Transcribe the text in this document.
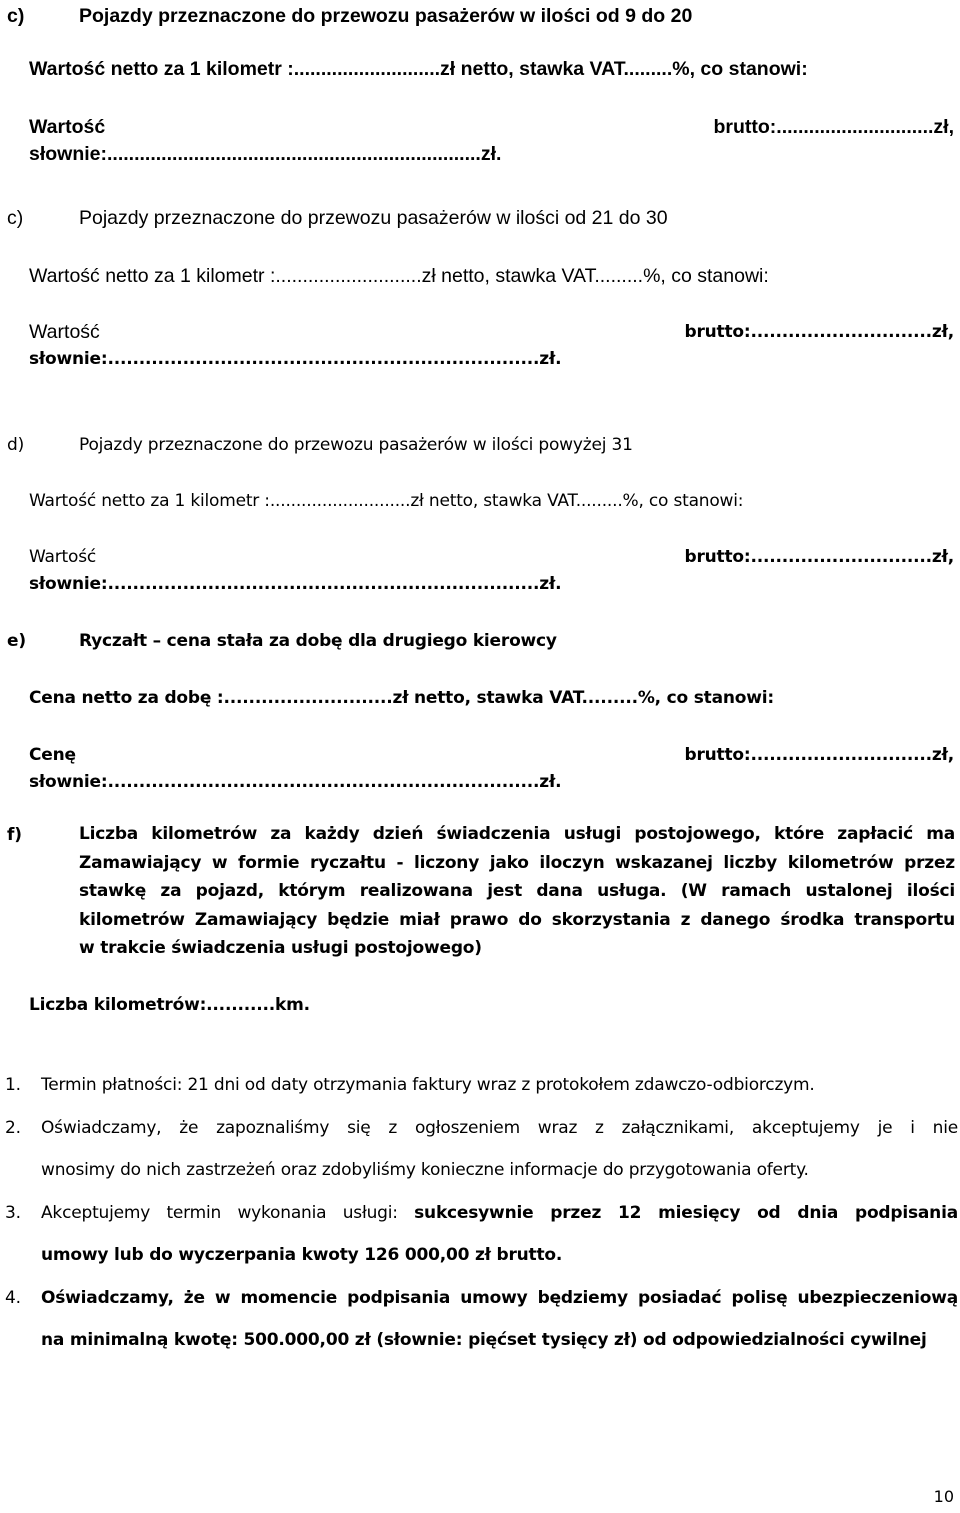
c)	Pojazdy przeznaczone do przewozu pasażerów w ilości od 9 do 20
Wartość netto za 1 kilometr :...........................zł netto, stawka VAT.........%, co stanowi:
Wartość	brutto:.............................zł,
słownie:.....................................................................zł.
c)	Pojazdy przeznaczone do przewozu pasażerów w ilości od 21 do 30
Wartość netto za 1 kilometr :...........................zł netto, stawka VAT.........%, co stanowi:
Wartość	brutto:.............................zł,
słownie:.....................................................................zł.
d)	Pojazdy przeznaczone do przewozu pasażerów w ilości powyżej 31
Wartość netto za 1 kilometr :...........................zł netto, stawka VAT.........%, co stanowi:
Wartość	brutto:.............................zł,
słownie:.....................................................................zł.
e)	Ryczałt – cena stała za dobę dla drugiego kierowcy
Cena netto za dobę :...........................zł netto, stawka VAT.........%, co stanowi:
Cenę	brutto:.............................zł,
słownie:.....................................................................zł.
f)	Liczba kilometrów za każdy dzień świadczenia usługi postojowego, które zapłacić ma
Zamawiający w formie ryczałtu - liczony jako iloczyn wskazanej liczby kilometrów przez
stawkę za pojazd, którym realizowana jest dana usługa. (W ramach ustalonej ilości
kilometrów Zamawiający będzie miał prawo do skorzystania z danego środka transportu
w trakcie świadczenia usługi postojowego)
Liczba kilometrów:...........km.
1. Termin płatności: 21 dni od daty otrzymania faktury wraz z protokołem zdawczo-odbiorczym.
2. Oświadczamy, że zapoznaliśmy się z ogłoszeniem wraz z załącznikami, akceptujemy je i nie
wnosimy do nich zastrzeżeń oraz zdobyliśmy konieczne informacje do przygotowania oferty.
3. Akceptujemy termin wykonania usługi: sukcesywnie przez 12 miesięcy od dnia podpisania
umowy lub do wyczerpania kwoty 126 000,00 zł brutto.
4. Oświadczamy, że w momencie podpisania umowy będziemy posiadać polisę ubezpieczeniową
na minimalną kwotę: 500.000,00 zł (słownie: pięćset tysięcy zł) od odpowiedzialności cywilnej
10
